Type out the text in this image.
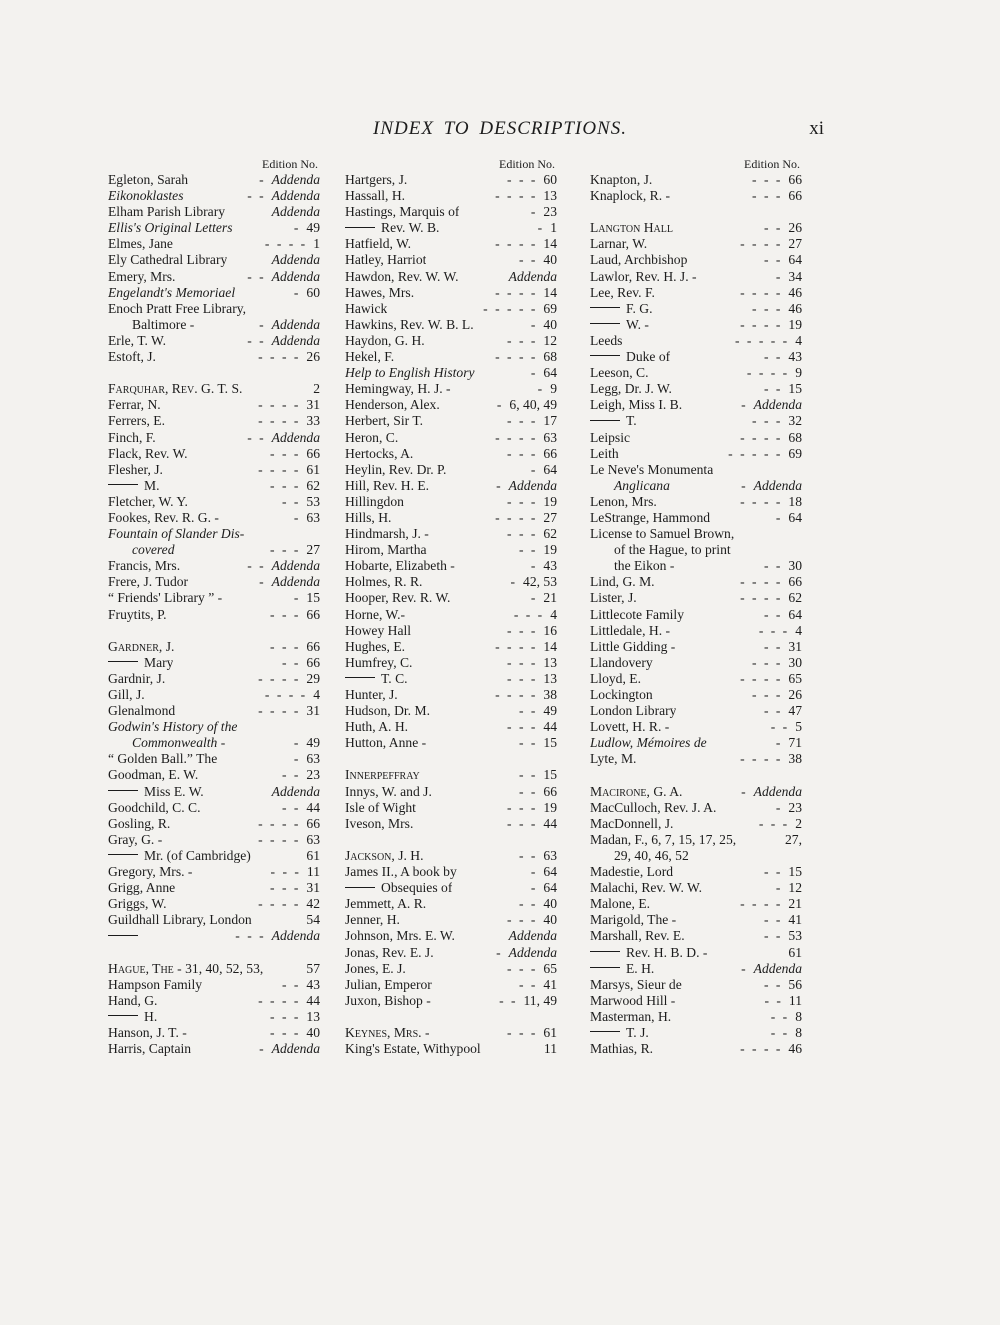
INDEX TO DESCRIPTIONS.	xi
Edition No.
Egleton, Sarah	- Addenda
Eikonoklastes	- - Addenda
Elham Parish Library	Addenda
Ellis's Original Letters	- 49
Elmes, Jane	- - - - 1
Ely Cathedral Library	Addenda
Emery, Mrs.	- - Addenda
Engelandt's Memoriael	- 60
Enoch Pratt Free Library,
Baltimore -	- Addenda
Erle, T. W.	- - Addenda
Estoft, J.	- - - - 26
Farquhar, Rev. G. T. S.	2
Ferrar, N.	- - - - 31
Ferrers, E.	- - - - 33
Finch, F.	- - Addenda
Flack, Rev. W.	- - - 66
Flesher, J.	- - - - 61
M.	- - - 62
Fletcher, W. Y.	- - 53
Fookes, Rev. R. G. -	- 63
Fountain of Slander Dis-
covered	- - - 27
Francis, Mrs.	- - Addenda
Frere, J. Tudor	- Addenda
“ Friends' Library ” -	- 15
Fruytits, P.	- - - 66
Gardner, J.	- - - 66
Mary	- - 66
Gardnir, J.	- - - - 29
Gill, J.	- - - - 4
Glenalmond	- - - - 31
Godwin's History of the
Commonwealth -	- 49
“ Golden Ball.” The	- 63
Goodman, E. W.	- - 23
Miss E. W.	Addenda
Goodchild, C. C.	- - 44
Gosling, R.	- - - - 66
Gray, G. -	- - - - 63
Mr. (of Cambridge)	61
Gregory, Mrs. -	- - - 11
Grigg, Anne	- - - 31
Griggs, W.	- - - - 42
Guildhall Library, London	54
- - - Addenda
Hague, The - 31, 40, 52, 53,	57
Hampson Family	- - 43
Hand, G.	- - - - 44
H.	- - - 13
Hanson, J. T. -	- - - 40
Harris, Captain	- Addenda
Edition No.
Hartgers, J.	- - - 60
Hassall, H.	- - - - 13
Hastings, Marquis of	- 23
Rev. W. B.	- 1
Hatfield, W.	- - - - 14
Hatley, Harriot	- - 40
Hawdon, Rev. W. W.	Addenda
Hawes, Mrs.	- - - - 14
Hawick	- - - - - 69
Hawkins, Rev. W. B. L.	- 40
Haydon, G. H.	- - - 12
Hekel, F.	- - - - 68
Help to English History	- 64
Hemingway, H. J. -	- 9
Henderson, Alex.	- 6, 40, 49
Herbert, Sir T.	- - - 17
Heron, C.	- - - - 63
Hertocks, A.	- - - 66
Heylin, Rev. Dr. P.	- 64
Hill, Rev. H. E.	- Addenda
Hillingdon	- - - 19
Hills, H.	- - - - 27
Hindmarsh, J. -	- - - 62
Hirom, Martha	- - 19
Hobarte, Elizabeth -	- 43
Holmes, R. R.	- 42, 53
Hooper, Rev. R. W.	- 21
Horne, W.-	- - - 4
Howey Hall	- - - 16
Hughes, E.	- - - - 14
Humfrey, C.	- - - 13
T. C.	- - - 13
Hunter, J.	- - - - 38
Hudson, Dr. M.	- - 49
Huth, A. H.	- - - 44
Hutton, Anne -	- - 15
Innerpeffray	- - 15
Innys, W. and J.	- - 66
Isle of Wight	- - - 19
Iveson, Mrs.	- - - 44
Jackson, J. H.	- - 63
James II., A book by	- 64
Obsequies of	- 64
Jemmett, A. R.	- - 40
Jenner, H.	- - - 40
Johnson, Mrs. E. W.	Addenda
Jonas, Rev. E. J.	- Addenda
Jones, E. J.	- - - 65
Julian, Emperor	- - 41
Juxon, Bishop -	- - 11, 49
Keynes, Mrs. -	- - - 61
King's Estate, Withypool	11
Edition No.
Knapton, J.	- - - 66
Knaplock, R. -	- - - 66
Langton Hall	- - 26
Larnar, W.	- - - - 27
Laud, Archbishop	- - 64
Lawlor, Rev. H. J. -	- 34
Lee, Rev. F.	- - - - 46
F. G.	- - - 46
W. -	- - - - 19
Leeds	- - - - - 4
Duke of	- - 43
Leeson, C.	- - - - 9
Legg, Dr. J. W.	- - 15
Leigh, Miss I. B.	- Addenda
T.	- - - 32
Leipsic	- - - - 68
Leith	- - - - - 69
Le Neve's Monumenta
Anglicana	- Addenda
Lenon, Mrs.	- - - - 18
LeStrange, Hammond	- 64
License to Samuel Brown,
of the Hague, to print
the Eikon -	- - 30
Lind, G. M.	- - - - 66
Lister, J.	- - - - 62
Littlecote Family	- - 64
Littledale, H. -	- - - 4
Little Gidding -	- - 31
Llandovery	- - - 30
Lloyd, E.	- - - - 65
Lockington	- - - 26
London Library	- - 47
Lovett, H. R. -	- - 5
Ludlow, Mémoires de	- 71
Lyte, M.	- - - - 38
Macirone, G. A.	- Addenda
MacCulloch, Rev. J. A.	- 23
MacDonnell, J.	- - - 2
Madan, F., 6, 7, 15, 17, 25,	27,
29, 40, 46, 52
Madestie, Lord	- - 15
Malachi, Rev. W. W.	- 12
Malone, E.	- - - - 21
Marigold, The -	- - 41
Marshall, Rev. E.	- - 53
Rev. H. B. D. -	61
E. H.	- Addenda
Marsys, Sieur de	- - 56
Marwood Hill -	- - 11
Masterman, H.	- - 8
T. J.	- - 8
Mathias, R.	- - - - 46
